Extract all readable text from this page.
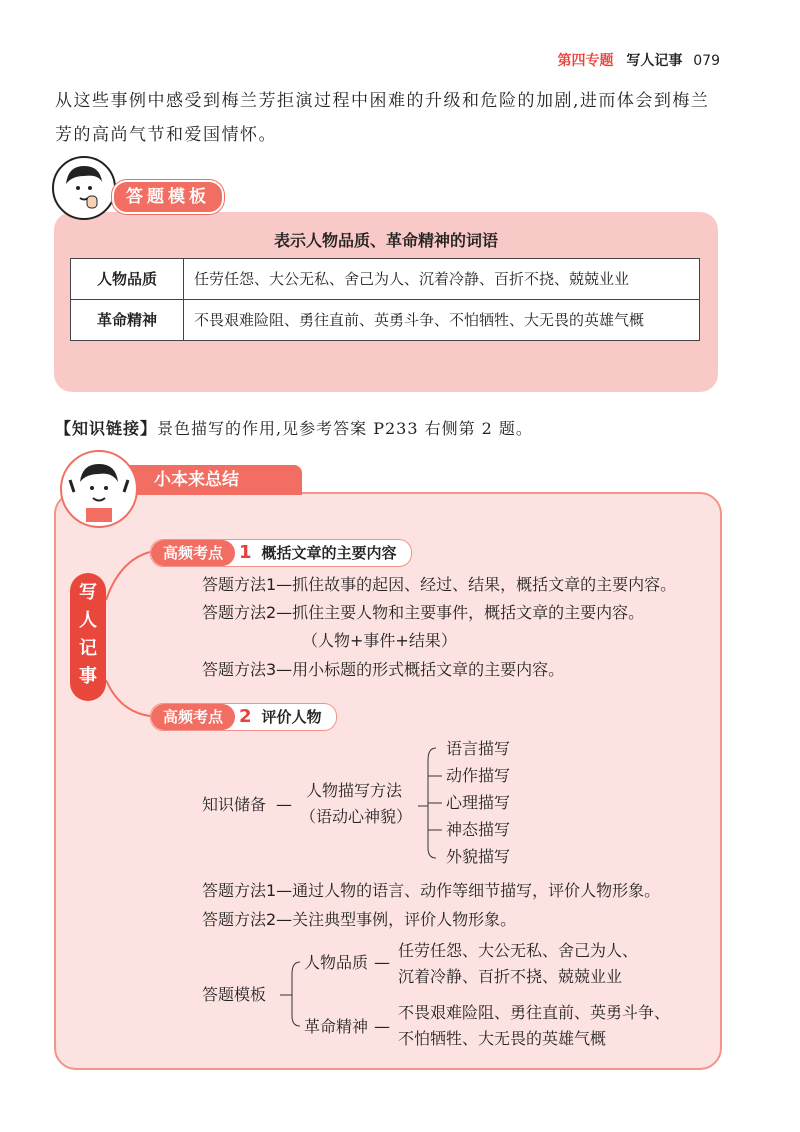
第四专题 写人记事 079
从这些事例中感受到梅兰芳拒演过程中困难的升级和危险的加剧,进而体会到梅兰
芳的高尚气节和爱国情怀。
答题模板
表示人物品质、革命精神的词语
人物品质	任劳任怨、大公无私、舍己为人、沉着冷静、百折不挠、兢兢业业
革命精神	不畏艰难险阻、勇往直前、英勇斗争、不怕牺牲、大无畏的英雄气概
【知识链接】景色描写的作用,见参考答案 P233 右侧第 2 题。
小本来总结
写
人
记
事
高频考点 1 概括文章的主要内容
答题方法1—抓住故事的起因、经过、结果，概括文章的主要内容。
答题方法2—抓住主要人物和主要事件，概括文章的主要内容。
（人物+事件+结果）
答题方法3—用小标题的形式概括文章的主要内容。
高频考点 2 评价人物
知识储备 —
人物描写方法
（语动心神貌）
语言描写
动作描写
心理描写
神态描写
外貌描写
答题方法1—通过人物的语言、动作等细节描写，评价人物形象。
答题方法2—关注典型事例，评价人物形象。
答题模板
人物品质 —
任劳任怨、大公无私、舍己为人、
沉着冷静、百折不挠、兢兢业业
革命精神 —
不畏艰难险阻、勇往直前、英勇斗争、
不怕牺牲、大无畏的英雄气概
